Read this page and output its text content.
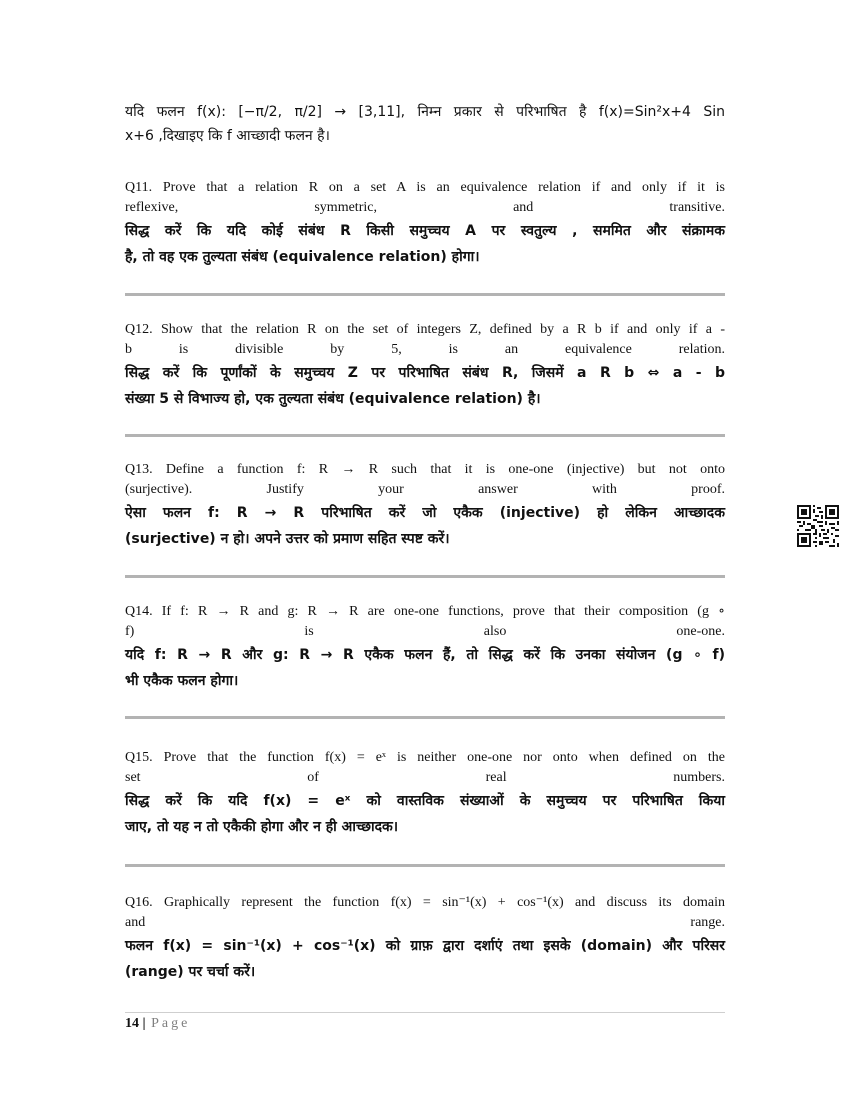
यदि फलन f(x): [−π/2, π/2] → [3,11], निम्न प्रकार से परिभाषित है f(x)=Sin²x+4 Sin
x+6 ,दिखाइए कि f आच्छादी फलन है।
Q11. Prove that a relation R on a set A is an equivalence relation if and only if it is
reflexive, symmetric, and transitive.
सिद्ध करें कि यदि कोई संबंध R किसी समुच्चय A पर स्वतुल्य , सममित और संक्रामक
है, तो वह एक तुल्यता संबंध (equivalence relation) होगा।
Q12. Show that the relation R on the set of integers Z, defined by a R b if and only if a -
b is divisible by 5, is an equivalence relation.
सिद्ध करें कि पूर्णांकों के समुच्चय Z पर परिभाषित संबंध R, जिसमें a R b ⇔ a - b
संख्या 5 से विभाज्य हो, एक तुल्यता संबंध (equivalence relation) है।
Q13. Define a function f: R → R such that it is one-one (injective) but not onto
(surjective). Justify your answer with proof.
ऐसा फलन f: R → R परिभाषित करें जो एकैक (injective) हो लेकिन आच्छादक
(surjective) न हो। अपने उत्तर को प्रमाण सहित स्पष्ट करें।
Q14. If f: R → R and g: R → R are one-one functions, prove that their composition (g ∘
f) is also one-one.
यदि f: R → R और g: R → R एकैक फलन हैं, तो सिद्ध करें कि उनका संयोजन (g ∘ f)
भी एकैक फलन होगा।
Q15. Prove that the function f(x) = eˣ is neither one-one nor onto when defined on the
set of real numbers.
सिद्ध करें कि यदि f(x) = eˣ को वास्तविक संख्याओं के समुच्चय पर परिभाषित किया
जाए, तो यह न तो एकैकी होगा और न ही आच्छादक।
Q16. Graphically represent the function f(x) = sin⁻¹(x) + cos⁻¹(x) and discuss its domain
and range.
फलन f(x) = sin⁻¹(x) + cos⁻¹(x) को ग्राफ़ द्वारा दर्शाएं तथा इसके (domain) और परिसर
(range) पर चर्चा करें।
14 | Page
